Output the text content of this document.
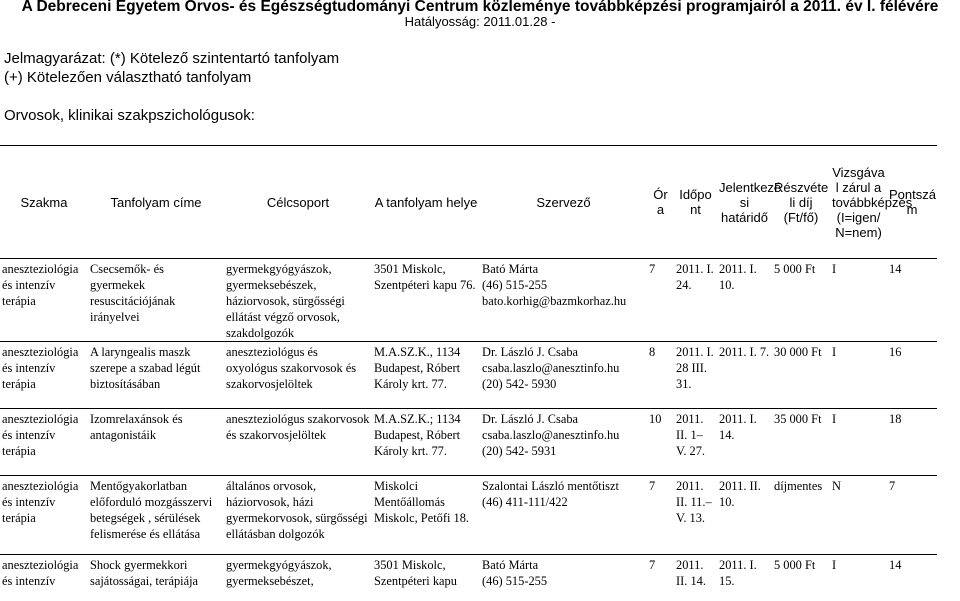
A Debreceni Egyetem Orvos- és Egészségtudományi Centrum közleménye továbbképzési programjairól a 2011. év I. félévére
Hatályosság: 2011.01.28 -
Jelmagyarázat: (*) Kötelező szintentartó tanfolyam
(+) Kötelezően választható tanfolyam
Orvosok, klinikai szakpszichológusok:
Szakma	Tanfolyam címe	Célcsoport	A tanfolyam helye	Szervező	Ór a	Időpo nt	Jelentkezé si határidő	Részvéte li díj (Ft/fő)	Vizsgáva l zárul a továbbképzés (I=igen/ N=nem)	Pontszá m
aneszteziológia és intenzív terápia	Csecsemők- és gyermekek resuscitációjának irányelvei	gyermekgyógyászok, gyermeksebészek, háziorvosok, sürgősségi ellátást végző orvosok, szakdolgozók	3501 Miskolc, Szentpéteri kapu 76.	Bató Márta
(46) 515-255
bato.korhig@bazmkorhaz.hu	7	2011. I. 24.	2011. I. 10.	5 000 Ft	I	14
aneszteziológia és intenzív terápia	A laryngealis maszk szerepe a szabad légút biztosításában	aneszteziológus és oxyológus szakorvosok és szakorvosjelöltek	M.A.SZ.K., 1134 Budapest, Róbert Károly krt. 77.	Dr. László J. Csaba
csaba.laszlo@anesztinfo.hu
(20) 542- 5930	8	2011. I. 28 III. 31.	2011. I. 7.	30 000 Ft	I	16
aneszteziológia és intenzív terápia	Izomrelaxánsok és antagonistáik	aneszteziológus szakorvosok és szakorvosjelöltek	M.A.SZ.K.; 1134 Budapest, Róbert Károly krt. 77.	Dr. László J. Csaba
csaba.laszlo@anesztinfo.hu
(20) 542- 5931	10	2011. II. 1– V. 27.	2011. I. 14.	35 000 Ft	I	18
aneszteziológia és intenzív terápia	Mentőgyakorlatban előforduló mozgásszervi betegségek , sérülések felismerése és ellátása	általános orvosok, háziorvosok, házi gyermekorvosok, sürgősségi ellátásban dolgozók	Miskolci Mentőállomás Miskolc, Petőfi 18.	Szalontai László mentőtiszt
(46) 411-111/422	7	2011. II. 11.– V. 13.	2011. II. 10.	díjmentes	N	7
aneszteziológia és intenzív	Shock gyermekkori sajátosságai, terápiája	gyermekgyógyászok, gyermeksebészet,	3501 Miskolc, Szentpéteri kapu	Bató Márta
(46) 515-255	7	2011. II. 14.	2011. I. 15.	5 000 Ft	I	14
